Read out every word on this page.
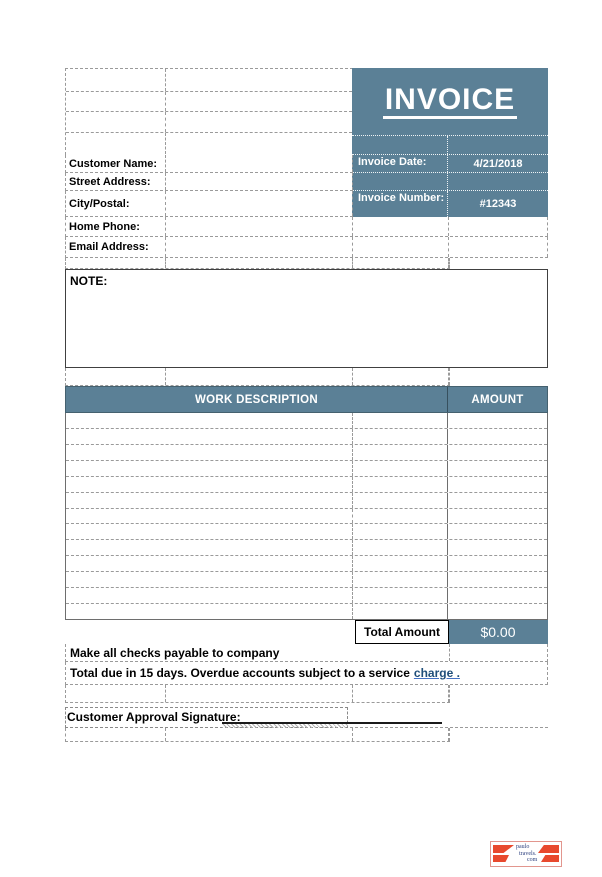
INVOICE
Invoice Date:	4/21/2018
Invoice Number:	#12343
Customer Name:
Street Address:
City/Postal:
Home Phone:
Email Address:
NOTE:
WORK DESCRIPTION	AMOUNT
Total Amount	$0.00
Make all checks payable to company
Total due in 15 days. Overdue accounts subject to a service charge .
Customer Approval Signature:
paulo
travels.
com
